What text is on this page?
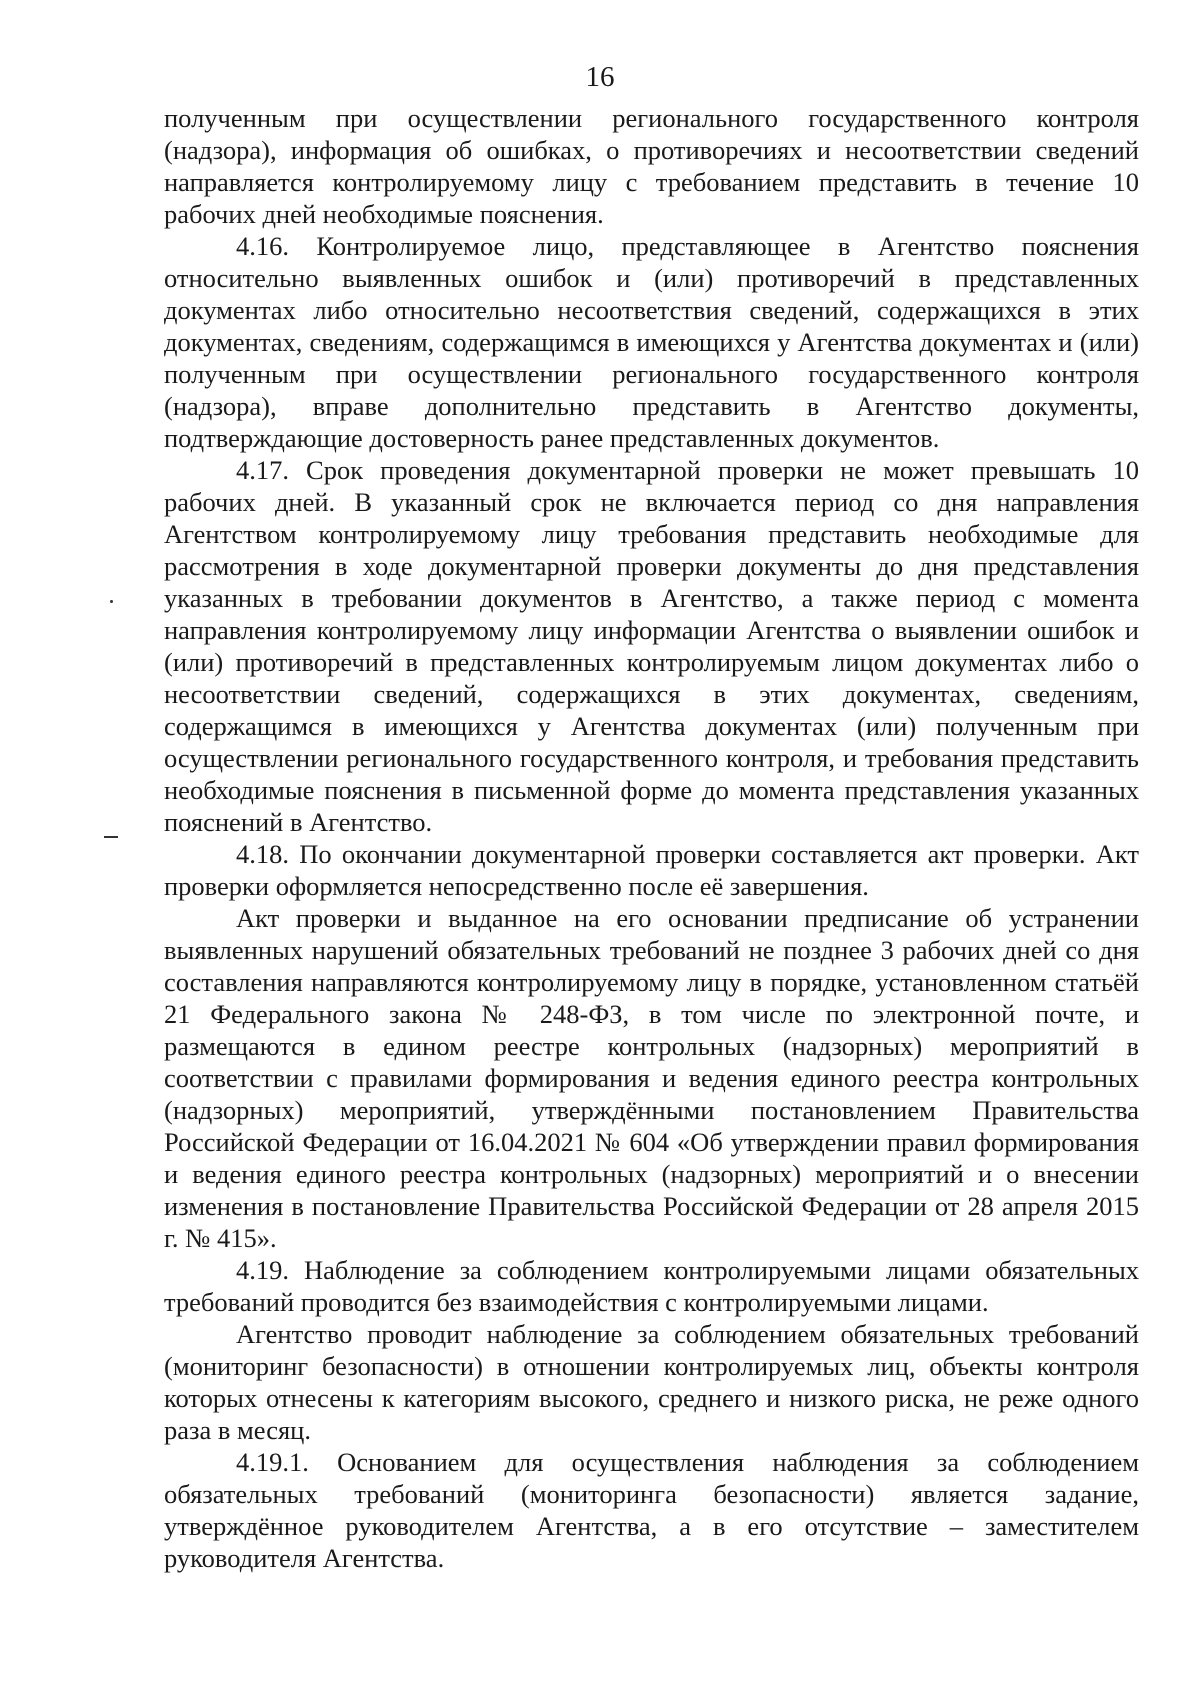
16

полученным при осуществлении регионального государственного контроля (надзора), информация об ошибках, о противоречиях и несоответствии сведений направляется контролируемому лицу с требованием представить в течение 10 рабочих дней необходимые пояснения.

4.16. Контролируемое лицо, представляющее в Агентство пояснения относительно выявленных ошибок и (или) противоречий в представленных документах либо относительно несоответствия сведений, содержащихся в этих документах, сведениям, содержащимся в имеющихся у Агентства документах и (или) полученным при осуществлении регионального государственного контроля (надзора), вправе дополнительно представить в Агентство документы, подтверждающие достоверность ранее представленных документов.

4.17. Срок проведения документарной проверки не может превышать 10 рабочих дней. В указанный срок не включается период со дня направления Агентством контролируемому лицу требования представить необходимые для рассмотрения в ходе документарной проверки документы до дня представления указанных в требовании документов в Агентство, а также период с момента направления контролируемому лицу информации Агентства о выявлении ошибок и (или) противоречий в представленных контролируемым лицом документах либо о несоответствии сведений, содержащихся в этих документах, сведениям, содержащимся в имеющихся у Агентства документах (или) полученным при осуществлении регионального государственного контроля, и требования представить необходимые пояснения в письменной форме до момента представления указанных пояснений в Агентство.

4.18. По окончании документарной проверки составляется акт проверки. Акт проверки оформляется непосредственно после её завершения.

Акт проверки и выданное на его основании предписание об устранении выявленных нарушений обязательных требований не позднее 3 рабочих дней со дня составления направляются контролируемому лицу в порядке, установленном статьёй 21 Федерального закона № 248-ФЗ, в том числе по электронной почте, и размещаются в едином реестре контрольных (надзорных) мероприятий в соответствии с правилами формирования и ведения единого реестра контрольных (надзорных) мероприятий, утверждёнными постановлением Правительства Российской Федерации от 16.04.2021 № 604 «Об утверждении правил формирования и ведения единого реестра контрольных (надзорных) мероприятий и о внесении изменения в постановление Правительства Российской Федерации от 28 апреля 2015 г. № 415».

4.19. Наблюдение за соблюдением контролируемыми лицами обязательных требований проводится без взаимодействия с контролируемыми лицами.

Агентство проводит наблюдение за соблюдением обязательных требований (мониторинг безопасности) в отношении контролируемых лиц, объекты контроля которых отнесены к категориям высокого, среднего и низкого риска, не реже одного раза в месяц.

4.19.1. Основанием для осуществления наблюдения за соблюдением обязательных требований (мониторинга безопасности) является задание, утверждённое руководителем Агентства, а в его отсутствие – заместителем руководителя Агентства.
